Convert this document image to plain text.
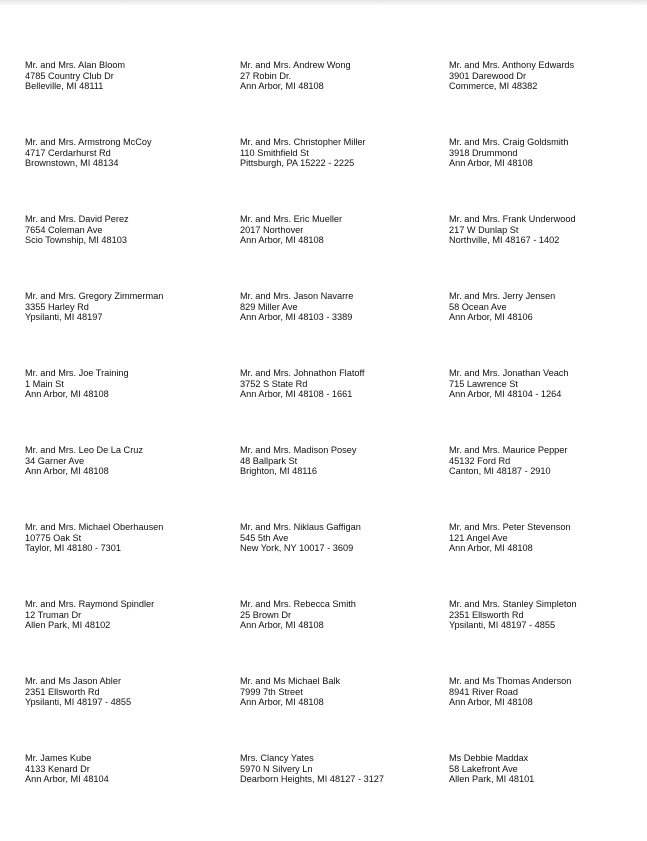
Mr. and Mrs. Alan Bloom
4785 Country Club Dr
Belleville, MI 48111
Mr. and Mrs. Andrew Wong
27 Robin Dr.
Ann Arbor, MI 48108
Mr. and Mrs. Anthony Edwards
3901 Darewood Dr
Commerce, MI 48382
Mr. and Mrs. Armstrong McCoy
4717 Cerdarhurst Rd
Brownstown, MI 48134
Mr. and Mrs. Christopher Miller
110 Smithfield St
Pittsburgh, PA 15222 - 2225
Mr. and Mrs. Craig Goldsmith
3918 Drummond
Ann Arbor, MI 48108
Mr. and Mrs. David Perez
7654 Coleman Ave
Scio Township, MI 48103
Mr. and Mrs. Eric Mueller
2017 Northover
Ann Arbor, MI 48108
Mr. and Mrs. Frank Underwood
217 W Dunlap St
Northville, MI 48167 - 1402
Mr. and Mrs. Gregory Zimmerman
3355 Harley Rd
Ypsilanti, MI 48197
Mr. and Mrs. Jason Navarre
829 Miller Ave
Ann Arbor, MI 48103 - 3389
Mr. and Mrs. Jerry Jensen
58 Ocean Ave
Ann Arbor, MI 48106
Mr. and Mrs. Joe Training
1 Main St
Ann Arbor, MI 48108
Mr. and Mrs. Johnathon Flatoff
3752 S State Rd
Ann Arbor, MI 48108 - 1661
Mr. and Mrs. Jonathan Veach
715 Lawrence St
Ann Arbor, MI 48104 - 1264
Mr. and Mrs. Leo De La Cruz
34 Garner Ave
Ann Arbor, MI 48108
Mr. and Mrs. Madison Posey
48 Ballpark St
Brighton, MI 48116
Mr. and Mrs. Maurice Pepper
45132 Ford Rd
Canton, MI 48187 - 2910
Mr. and Mrs. Michael Oberhausen
10775 Oak St
Taylor, MI 48180 - 7301
Mr. and Mrs. Niklaus Gaffigan
545 5th Ave
New York, NY 10017 - 3609
Mr. and Mrs. Peter Stevenson
121 Angel Ave
Ann Arbor, MI 48108
Mr. and Mrs. Raymond Spindler
12 Truman Dr
Allen Park, MI 48102
Mr. and Mrs. Rebecca Smith
25 Brown Dr
Ann Arbor, MI 48108
Mr. and Mrs. Stanley Simpleton
2351 Ellsworth Rd
Ypsilanti, MI 48197 - 4855
Mr. and Ms Jason Abler
2351 Ellsworth Rd
Ypsilanti, MI 48197 - 4855
Mr. and Ms Michael Balk
7999 7th Street
Ann Arbor, MI 48108
Mr. and Ms Thomas Anderson
8941 River Road
Ann Arbor, MI 48108
Mr. James Kube
4133 Kenard Dr
Ann Arbor, MI 48104
Mrs. Clancy Yates
5970 N Silvery Ln
Dearborn Heights, MI 48127 - 3127
Ms Debbie Maddax
58 Lakefront Ave
Allen Park, MI 48101
